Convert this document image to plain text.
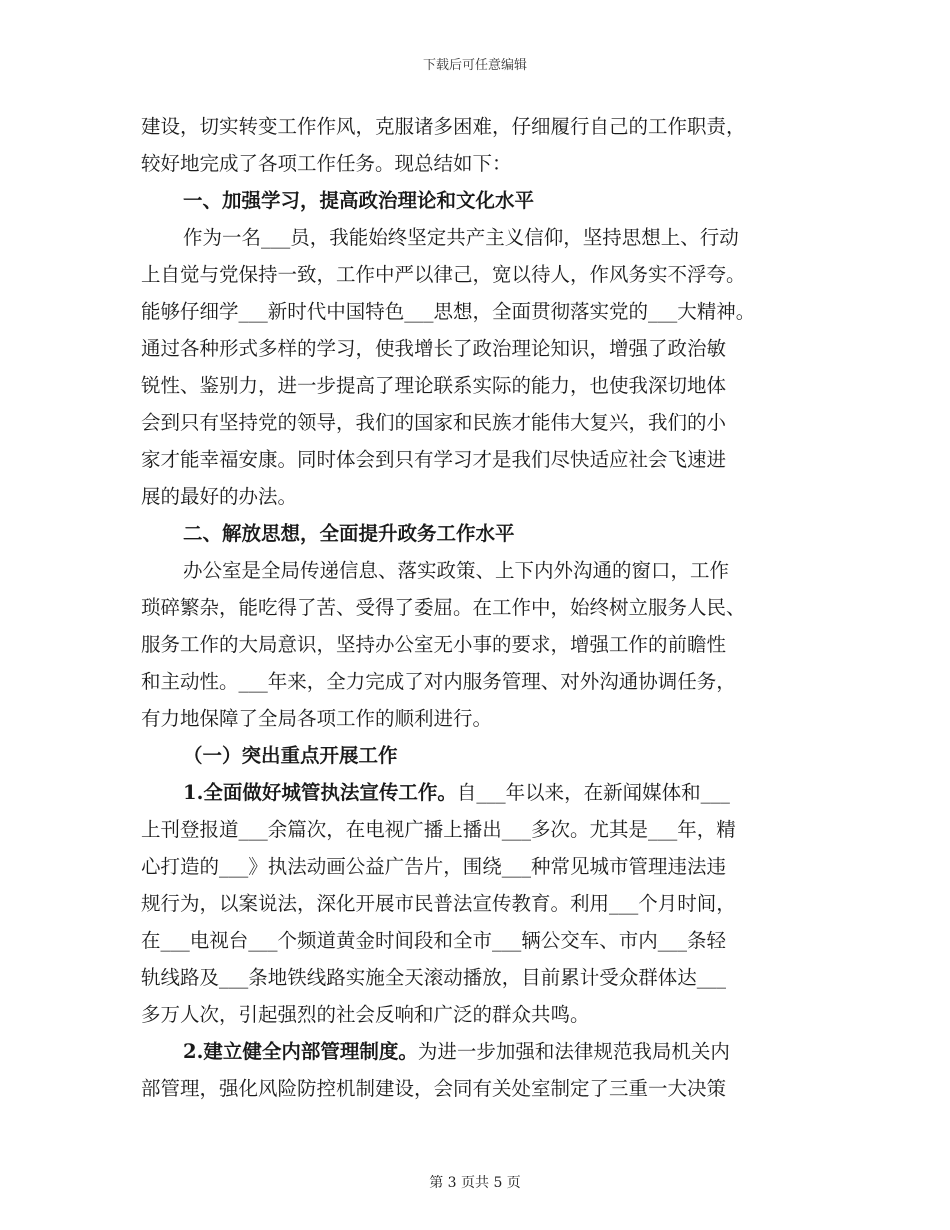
下载后可任意编辑
建设，切实转变工作作风，克服诸多困难，仔细履行自己的工作职责，
较好地完成了各项工作任务。现总结如下：
一、加强学习，提高政治理论和文化水平
作为一名___员，我能始终坚定共产主义信仰，坚持思想上、行动
上自觉与党保持一致，工作中严以律己，宽以待人，作风务实不浮夸。
能够仔细学___新时代中国特色___思想，全面贯彻落实党的___大精神。
通过各种形式多样的学习，使我增长了政治理论知识，增强了政治敏
锐性、鉴别力，进一步提高了理论联系实际的能力，也使我深切地体
会到只有坚持党的领导，我们的国家和民族才能伟大复兴，我们的小
家才能幸福安康。同时体会到只有学习才是我们尽快适应社会飞速进
展的最好的办法。
二、解放思想，全面提升政务工作水平
办公室是全局传递信息、落实政策、上下内外沟通的窗口，工作
琐碎繁杂，能吃得了苦、受得了委屈。在工作中，始终树立服务人民、
服务工作的大局意识，坚持办公室无小事的要求，增强工作的前瞻性
和主动性。___年来，全力完成了对内服务管理、对外沟通协调任务，
有力地保障了全局各项工作的顺利进行。
（一）突出重点开展工作
1.全面做好城管执法宣传工作。自___年以来，在新闻媒体和___
上刊登报道___余篇次，在电视广播上播出___多次。尤其是___年，精
心打造的___》执法动画公益广告片，围绕___种常见城市管理违法违
规行为，以案说法，深化开展市民普法宣传教育。利用___个月时间，
在___电视台___个频道黄金时间段和全市___辆公交车、市内___条轻
轨线路及___条地铁线路实施全天滚动播放，目前累计受众群体达___
多万人次，引起强烈的社会反响和广泛的群众共鸣。
2.建立健全内部管理制度。为进一步加强和法律规范我局机关内
部管理，强化风险防控机制建设，会同有关处室制定了三重一大决策
第 3 页共 5 页
